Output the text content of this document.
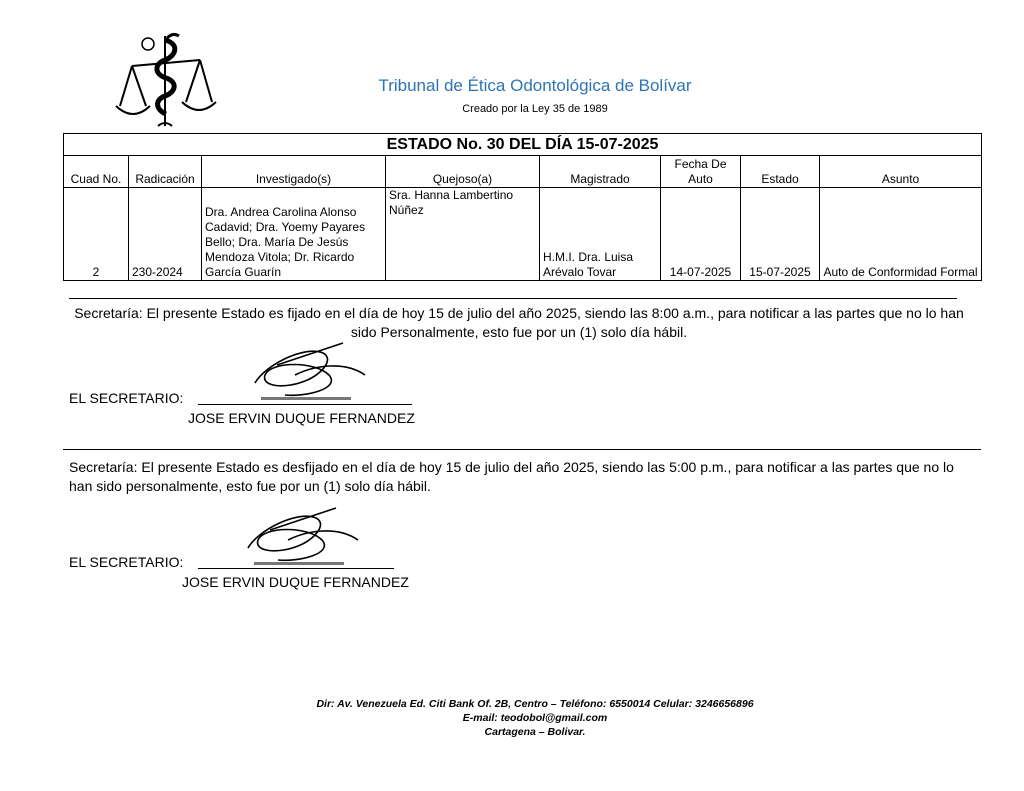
Tribunal de Ética Odontológica de Bolívar
Creado por la Ley 35 de 1989
ESTADO No. 30 DEL DÍA 15-07-2025							
Cuad No.	Radicación	Investigado(s)	Quejoso(a)	Magistrado	Fecha De Auto	Estado	Asunto
2	230-2024	Dra. Andrea Carolina Alonso Cadavid; Dra. Yoemy Payares Bello; Dra. María De Jesús Mendoza Vitola; Dr. Ricardo García Guarín	Sra. Hanna Lambertino Núñez	H.M.I. Dra. Luisa Arévalo Tovar	14-07-2025	15-07-2025	Auto de Conformidad Formal
Secretaría: El presente Estado es fijado en el día de hoy 15 de julio del año 2025, siendo las 8:00 a.m., para notificar a las partes que no lo han sido Personalmente, esto fue por un (1) solo día hábil.
EL SECRETARIO:
JOSE ERVIN DUQUE FERNANDEZ
Secretaría: El presente Estado es desfijado en el día de hoy 15 de julio del año 2025, siendo las 5:00 p.m., para notificar a las partes que no lo han sido personalmente, esto fue por un (1) solo día hábil.
EL SECRETARIO:
JOSE ERVIN DUQUE FERNANDEZ
Dir: Av. Venezuela Ed. Citi Bank Of. 2B, Centro – Teléfono: 6550014 Celular: 3246656896
E-mail: teodobol@gmail.com
Cartagena – Bolivar.
